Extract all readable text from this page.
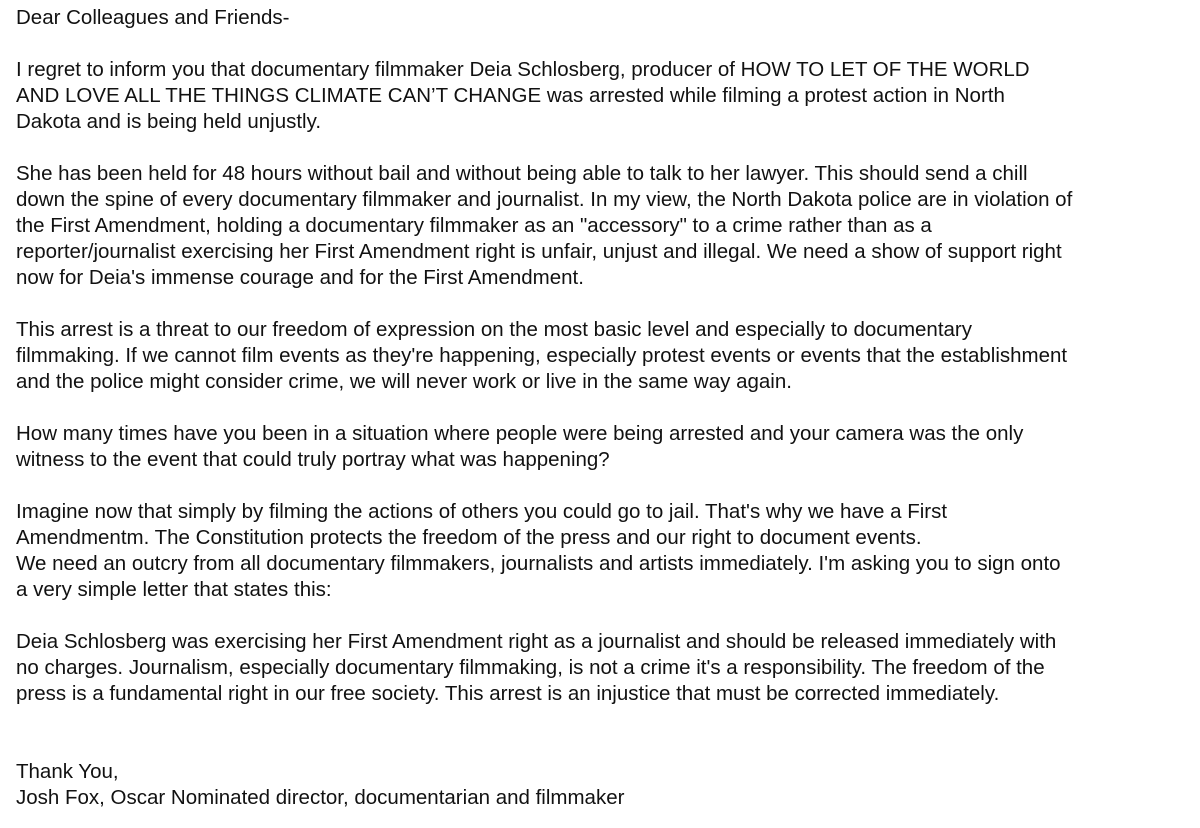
Dear Colleagues and Friends-

I regret to inform you that documentary filmmaker Deia Schlosberg, producer of HOW TO LET OF THE WORLD
AND LOVE ALL THE THINGS CLIMATE CAN’T CHANGE was arrested while filming a protest action in North
Dakota and is being held unjustly.

She has been held for 48 hours without bail and without being able to talk to her lawyer. This should send a chill
down the spine of every documentary filmmaker and journalist. In my view, the North Dakota police are in violation of
the First Amendment, holding a documentary filmmaker as an "accessory" to a crime rather than as a
reporter/journalist exercising her First Amendment right is unfair, unjust and illegal. We need a show of support right
now for Deia's immense courage and for the First Amendment.

This arrest is a threat to our freedom of expression on the most basic level and especially to documentary
filmmaking. If we cannot film events as they're happening, especially protest events or events that the establishment
and the police might consider crime, we will never work or live in the same way again.

How many times have you been in a situation where people were being arrested and your camera was the only
witness to the event that could truly portray what was happening?

Imagine now that simply by filming the actions of others you could go to jail. That's why we have a First
Amendmentm. The Constitution protects the freedom of the press and our right to document events.
We need an outcry from all documentary filmmakers, journalists and artists immediately. I'm asking you to sign onto
a very simple letter that states this:

Deia Schlosberg was exercising her First Amendment right as a journalist and should be released immediately with
no charges. Journalism, especially documentary filmmaking, is not a crime it's a responsibility. The freedom of the
press is a fundamental right in our free society. This arrest is an injustice that must be corrected immediately.

Thank You,
Josh Fox, Oscar Nominated director, documentarian and filmmaker
